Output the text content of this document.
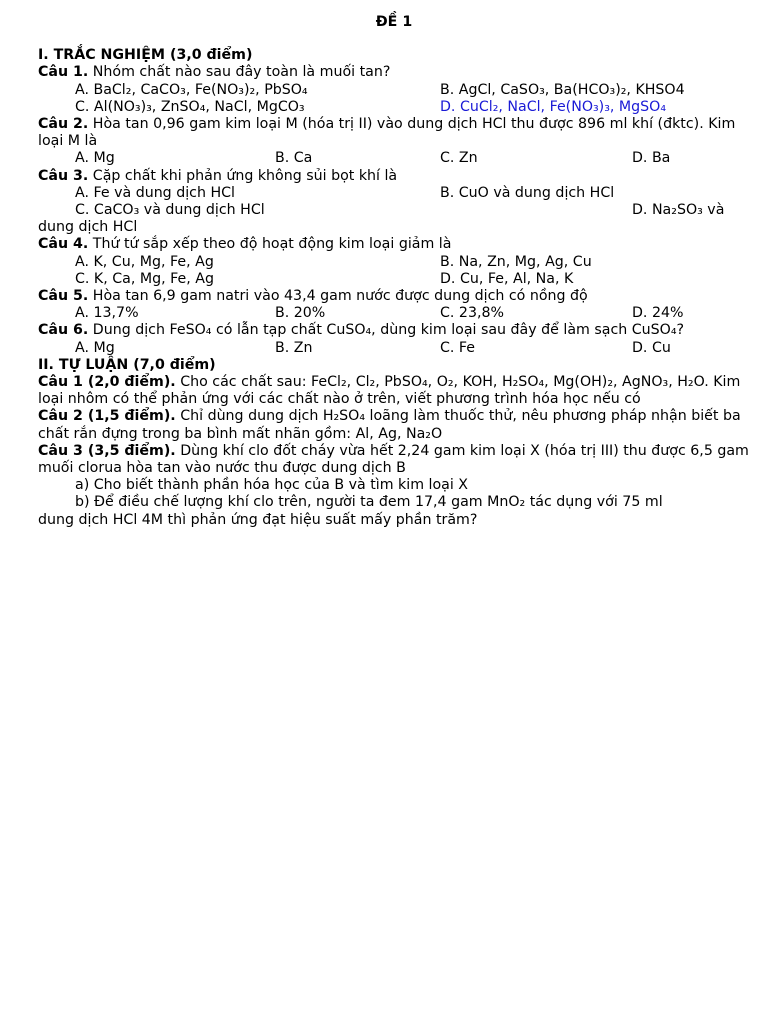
ĐỀ 1
I. TRẮC NGHIỆM (3,0 điểm)
Câu 1. Nhóm chất nào sau đây toàn là muối tan?
A. BaCl₂, CaCO₃, Fe(NO₃)₂, PbSO₄	B. AgCl, CaSO₃, Ba(HCO₃)₂, KHSO4
C. Al(NO₃)₃, ZnSO₄, NaCl, MgCO₃	D. CuCl₂, NaCl, Fe(NO₃)₃, MgSO₄
Câu 2. Hòa tan 0,96 gam kim loại M (hóa trị II) vào dung dịch HCl thu được 896 ml khí (đktc). Kim loại M là
A. Mg	B. Ca	C. Zn	D. Ba
Câu 3. Cặp chất khi phản ứng không sủi bọt khí là
A. Fe và dung dịch HCl	B. CuO và dung dịch HCl
C. CaCO₃ và dung dịch HCl	D. Na₂SO₃ và
dung dịch HCl
Câu 4. Thứ tứ sắp xếp theo độ hoạt động kim loại giảm là
A. K, Cu, Mg, Fe, Ag	B. Na, Zn, Mg, Ag, Cu
C. K, Ca, Mg, Fe, Ag	D. Cu, Fe, Al, Na, K
Câu 5. Hòa tan 6,9 gam natri vào 43,4 gam nước được dung dịch có nồng độ
A. 13,7%	B. 20%	C. 23,8%	D. 24%
Câu 6. Dung dịch FeSO₄ có lẫn tạp chất CuSO₄, dùng kim loại sau đây để làm sạch CuSO₄?
A. Mg	B. Zn	C. Fe	D. Cu
II. TỰ LUẬN (7,0 điểm)
Câu 1 (2,0 điểm). Cho các chất sau: FeCl₂, Cl₂, PbSO₄, O₂, KOH, H₂SO₄, Mg(OH)₂, AgNO₃, H₂O. Kim loại nhôm có thể phản ứng với các chất nào ở trên, viết phương trình hóa học nếu có
Câu 2 (1,5 điểm). Chỉ dùng dung dịch H₂SO₄ loãng làm thuốc thử, nêu phương pháp nhận biết ba chất rắn đựng trong ba bình mất nhãn gồm: Al, Ag, Na₂O
Câu 3 (3,5 điểm). Dùng khí clo đốt cháy vừa hết 2,24 gam kim loại X (hóa trị III) thu được 6,5 gam muối clorua hòa tan vào nước thu được dung dịch B
a) Cho biết thành phần hóa học của B và tìm kim loại X
b) Để điều chế lượng khí clo trên, người ta đem 17,4 gam MnO₂ tác dụng với 75 ml
dung dịch HCl 4M thì phản ứng đạt hiệu suất mấy phần trăm?
